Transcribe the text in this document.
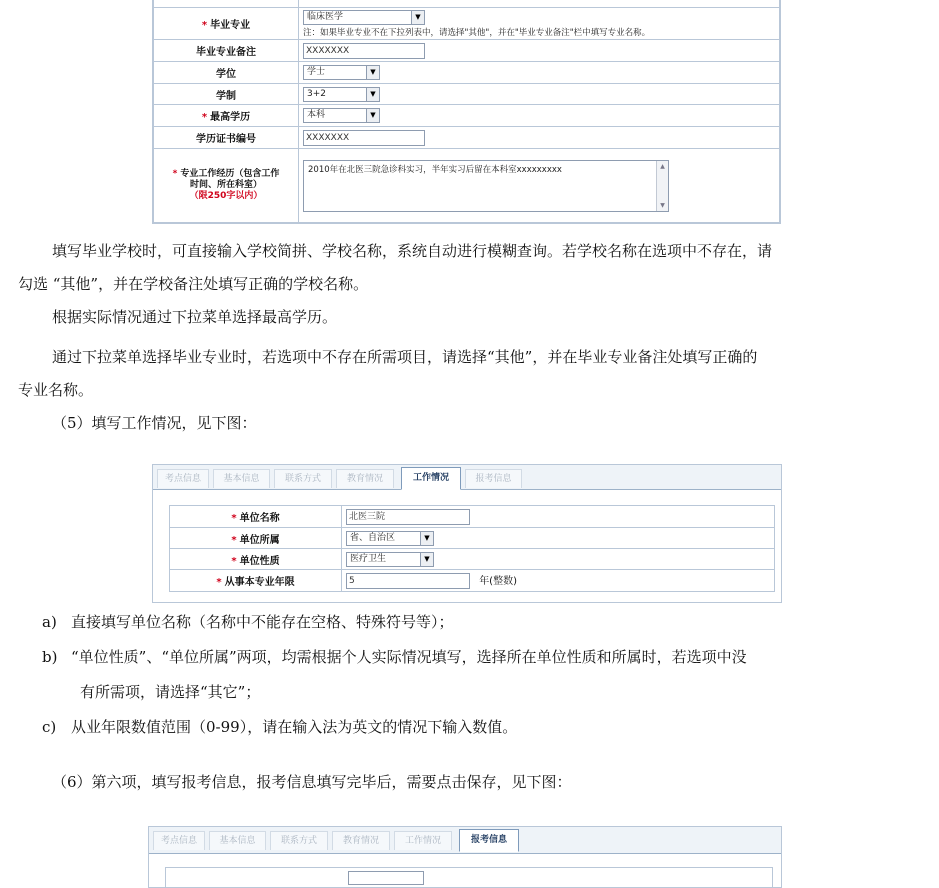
* 毕业专业	临床医学 ▼
注：如果毕业专业不在下拉列表中，请选择"其他"，并在"毕业专业备注"栏中填写专业名称。

毕业专业备注	XXXXXXX
学位	学士 ▼

学制	3+2 ▼

* 最高学历	本科 ▼

学历证书编号	XXXXXXX
* 专业工作经历（包含工作
时间、所在科室）
（限250字以内）	2010年在北医三院急诊科实习，半年实习后留在本科室xxxxxxxxx ▲
▼

填写毕业学校时，可直接输入学校简拼、学校名称，系统自动进行模糊查询。若学校名称在选项中不存在，请

勾选 “其他”，并在学校备注处填写正确的学校名称。

根据实际情况通过下拉菜单选择最高学历。

通过下拉菜单选择毕业专业时，若选项中不存在所需项目，请选择“其他”，并在毕业专业备注处填写正确的

专业名称。

（5）填写工作情况，见下图：

考点信息	基本信息	联系方式	教育情况	工作情况	报考信息
* 单位名称	北医三院
* 单位所属	省、自治区 ▼

* 单位性质	医疗卫生 ▼

* 从事本专业年限	5 年(整数)
a) 直接填写单位名称（名称中不能存在空格、特殊符号等）；
b) “单位性质”、“单位所属”两项，均需根据个人实际情况填写，选择所在单位性质和所属时，若选项中没
有所需项，请选择“其它”；
c) 从业年限数值范围（0-99），请在输入法为英文的情况下输入数值。

（6）第六项，填写报考信息，报考信息填写完毕后，需要点击保存，见下图：

考点信息	基本信息	联系方式	教育情况	工作情况	报考信息
